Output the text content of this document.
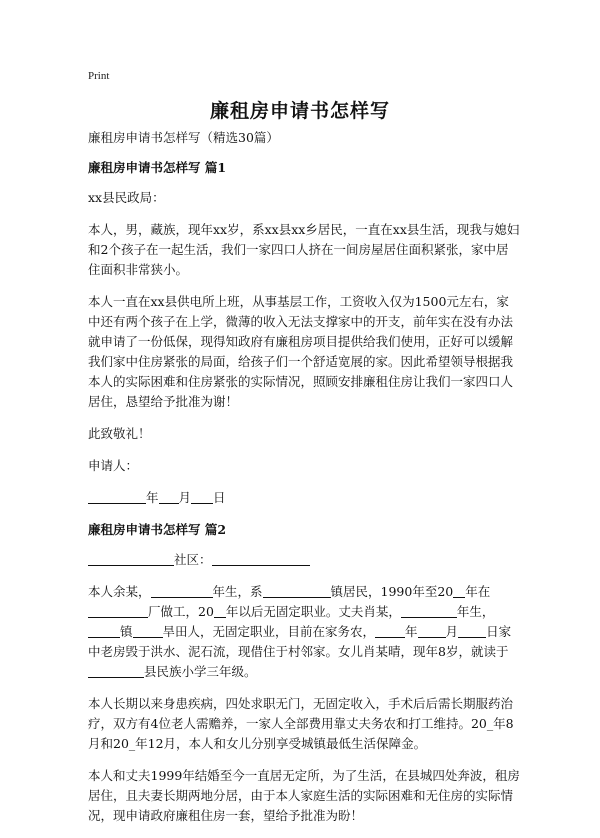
Print
廉租房申请书怎样写

廉租房申请书怎样写（精选30篇）

廉租房申请书怎样写 篇1

xx县民政局：

本人，男，藏族，现年xx岁，系xx县xx乡居民，一直在xx县生活，现我与媳妇和2个孩子在一起生活，我们一家四口人挤在一间房屋居住面积紧张，家中居住面积非常狭小。

本人一直在xx县供电所上班，从事基层工作，工资收入仅为1500元左右，家中还有两个孩子在上学，微薄的收入无法支撑家中的开支，前年实在没有办法就申请了一份低保，现得知政府有廉租房项目提供给我们使用，正好可以缓解我们家中住房紧张的局面，给孩子们一个舒适宽展的家。因此希望领导根据我本人的实际困难和住房紧张的实际情况，照顾安排廉租住房让我们一家四口人居住，恳望给予批准为谢！

此致敬礼！

申请人：

年 月 日

廉租房申请书怎样写 篇2

社区：

本人余某，	年生，系	镇居民，1990年至20 年在厂做工，20 年以后无固定职业。丈夫肖某，	年生，镇 旱田人，无固定职业，目前在家务农， 年 月 日家中老房毁于洪水、泥石流，现借住于村邻家。女儿肖某晴，现年8岁，就读于县民族小学三年级。

本人长期以来身患疾病，四处求职无门，无固定收入，手术后后需长期服药治疗，双方有4位老人需赡养，一家人全部费用靠丈夫务农和打工维持。20_年8月和20_年12月，本人和女儿分别享受城镇最低生活保障金。

本人和丈夫1999年结婚至今一直居无定所，为了生活，在县城四处奔波，租房居住，且夫妻长期两地分居，由于本人家庭生活的实际困难和无住房的实际情况，现申请政府廉租住房一套，望给予批准为盼！
